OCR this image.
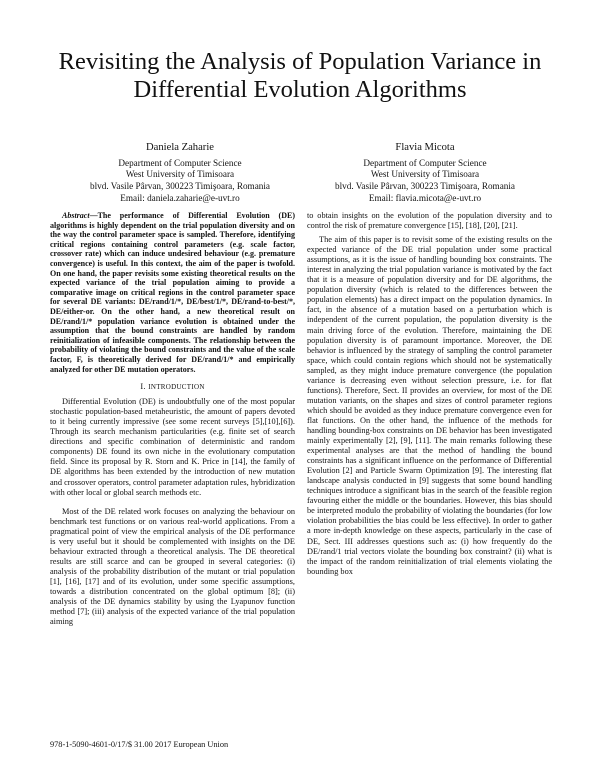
Revisiting the Analysis of Population Variance in Differential Evolution Algorithms
Daniela Zaharie
Department of Computer Science
West University of Timisoara
blvd. Vasile Pârvan, 300223 Timişoara, Romania
Email: daniela.zaharie@e-uvt.ro
Flavia Micota
Department of Computer Science
West University of Timisoara
blvd. Vasile Pârvan, 300223 Timişoara, Romania
Email: flavia.micota@e-uvt.ro

Abstract—The performance of Differential Evolution (DE) algorithms is highly dependent on the trial population diversity and on the way the control parameter space is sampled. Therefore, identifying critical regions containing control parameters (e.g. scale factor, crossover rate) which can induce undesired behaviour (e.g. premature convergence) is useful. In this context, the aim of the paper is twofold. On one hand, the paper revisits some existing theoretical results on the expected variance of the trial population aiming to provide a comparative image on critical regions in the control parameter space for several DE variants: DE/rand/1/*, DE/best/1/*, DE/rand-to-best/*, DE/either-or. On the other hand, a new theoretical result on DE/rand/1/* population variance evolution is obtained under the assumption that the bound constraints are handled by random reinitialization of infeasible components. The relationship between the probability of violating the bound constraints and the value of the scale factor, F, is theoretically derived for DE/rand/1/* and empirically analyzed for other DE mutation operators.

I. INTRODUCTION

Differential Evolution (DE) is undoubtfully one of the most popular stochastic population-based metaheuristic, the amount of papers devoted to it being currently impressive (see some recent surveys [5],[10],[6]). Through its search mechanism particularities (e.g. finite set of search directions and specific combination of deterministic and random components) DE found its own niche in the evolutionary computation field. Since its proposal by R. Storn and K. Price in [14], the family of DE algorithms has been extended by the introduction of new mutation and crossover operators, control parameter adaptation rules, hybridization with other local or global search methods etc.

Most of the DE related work focuses on analyzing the behaviour on benchmark test functions or on various real-world applications. From a pragmatical point of view the empirical analysis of the DE performance is very useful but it should be complemented with insights on the DE behaviour extracted through a theoretical analysis. The DE theoretical results are still scarce and can be grouped in several categories: (i) analysis of the probability distribution of the mutant or trial population [1], [16], [17] and of its evolution, under some specific assumptions, towards a distribution concentrated on the global optimum [8]; (ii) analysis of the DE dynamics stability by using the Lyapunov function method [7]; (iii) analysis of the expected variance of the trial population aiming

to obtain insights on the evolution of the population diversity and to control the risk of premature convergence [15], [18], [20], [21].

The aim of this paper is to revisit some of the existing results on the expected variance of the DE trial population under some practical assumptions, as it is the issue of handling bounding box constraints. The interest in analyzing the trial population variance is motivated by the fact that it is a measure of population diversity and for DE algorithms, the population diversity (which is related to the differences between the population elements) has a direct impact on the population dynamics. In fact, in the absence of a mutation based on a perturbation which is independent of the current population, the population diversity is the main driving force of the evolution. Therefore, maintaining the DE population diversity is of paramount importance. Moreover, the DE behavior is influenced by the strategy of sampling the control parameter space, which could contain regions which should not be systematically sampled, as they might induce premature convergence (the population variance is decreasing even without selection pressure, i.e. for flat functions). Therefore, Sect. II provides an overview, for most of the DE mutation variants, on the shapes and sizes of control parameter regions which should be avoided as they induce premature convergence even for flat functions. On the other hand, the influence of the methods for handling bounding-box constraints on DE behavior has been investigated mainly experimentally [2], [9], [11]. The main remarks following these experimental analyses are that the method of handling the bound constraints has a significant influence on the performance of Differential Evolution [2] and Particle Swarm Optimization [9]. The interesting flat landscape analysis conducted in [9] suggests that some bound handling techniques introduce a significant bias in the search of the feasible region favouring either the middle or the boundaries. However, this bias should be interpreted modulo the probability of violating the boundaries (for low violation probabilities the bias could be less effective). In order to gather a more in-depth knowledge on these aspects, particularly in the case of DE, Sect. III addresses questions such as: (i) how frequently do the DE/rand/1 trial vectors violate the bounding box constraint? (ii) what is the impact of the random reinitialization of trial elements violating the bounding box

978-1-5090-4601-0/17/$ 31.00 2017 European Union
